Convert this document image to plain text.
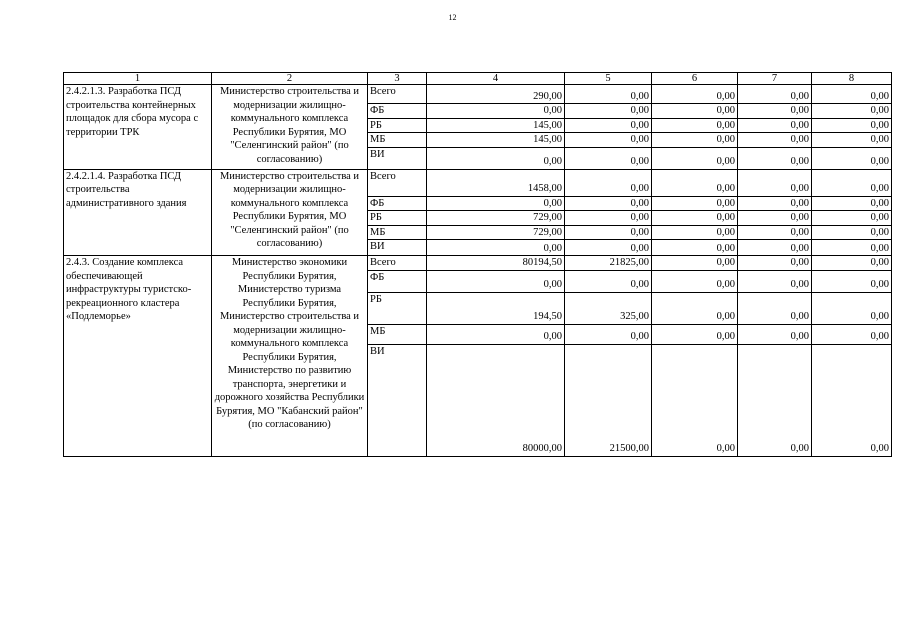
12
1	2	3	4	5	6	7	8
2.4.2.1.3. Разработка ПСД строительства контейнерных площадок для сбора мусора с территории ТРК	Министерство строительства и модернизации жилищно-коммунального комплекса Республики Бурятия, МО "Селенгинский район" (по согласованию)	Всего	290,00	0,00	0,00	0,00	0,00
		ФБ	0,00	0,00	0,00	0,00	0,00
		РБ	145,00	0,00	0,00	0,00	0,00
		МБ	145,00	0,00	0,00	0,00	0,00
		ВИ	0,00	0,00	0,00	0,00	0,00
2.4.2.1.4. Разработка ПСД строительства административного здания	Министерство строительства и модернизации жилищно-коммунального комплекса Республики Бурятия, МО "Селенгинский район" (по согласованию)	Всего	1458,00	0,00	0,00	0,00	0,00
		ФБ	0,00	0,00	0,00	0,00	0,00
		РБ	729,00	0,00	0,00	0,00	0,00
		МБ	729,00	0,00	0,00	0,00	0,00
		ВИ	0,00	0,00	0,00	0,00	0,00
2.4.3. Создание комплекса обеспечивающей инфраструктуры туристско-рекреационного кластера «Подлеморье»	Министерство экономики Республики Бурятия, Министерство туризма Республики Бурятия, Министерство строительства и модернизации жилищно-коммунального комплекса Республики Бурятия, Министерство по развитию транспорта, энергетики и дорожного хозяйства Республики Бурятия, МО "Кабанский район" (по согласованию)	Всего	80194,50	21825,00	0,00	0,00	0,00
		ФБ	0,00	0,00	0,00	0,00	0,00
		РБ	194,50	325,00	0,00	0,00	0,00
		МБ	0,00	0,00	0,00	0,00	0,00
		ВИ	80000,00	21500,00	0,00	0,00	0,00
